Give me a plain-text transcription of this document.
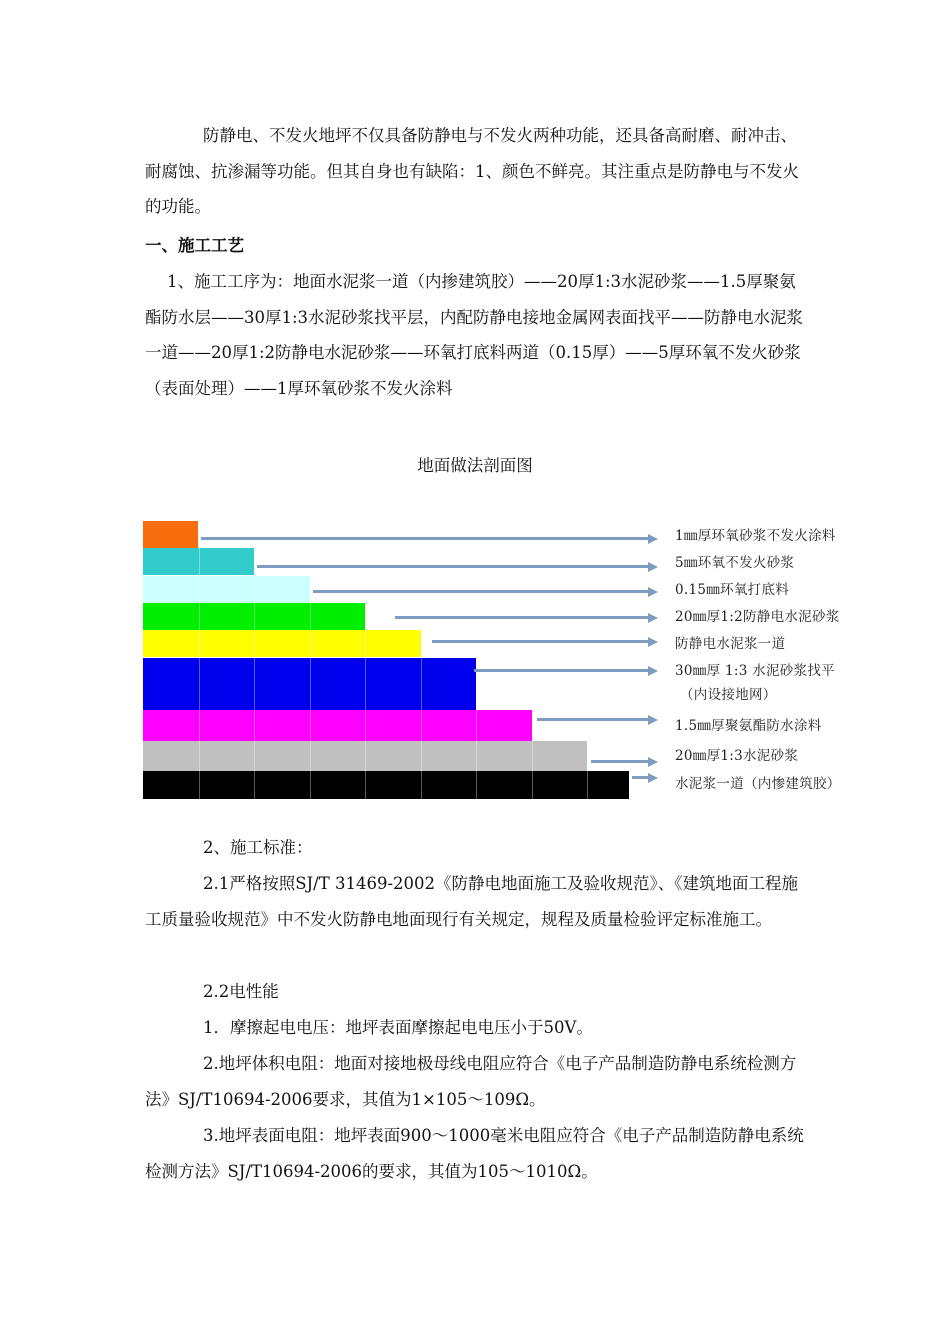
防静电、不发火地坪不仅具备防静电与不发火两种功能，还具备高耐磨、耐冲击、耐腐蚀、抗渗漏等功能。但其自身也有缺陷：1、颜色不鲜亮。其注重点是防静电与不发火的功能。

一、施工工艺

1、施工工序为：地面水泥浆一道（内掺建筑胶）——20厚1:3水泥砂浆——1.5厚聚氨酯防水层——30厚1:3水泥砂浆找平层，内配防静电接地金属网表面找平——防静电水泥浆一道——20厚1:2防静电水泥砂浆——环氧打底料两道（0.15厚）——5厚环氧不发火砂浆（表面处理）——1厚环氧砂浆不发火涂料

地面做法剖面图
1㎜厚环氧砂浆不发火涂料
5㎜环氧不发火砂浆
0.15㎜环氧打底料
20㎜厚1:2防静电水泥砂浆
防静电水泥浆一道
30㎜厚 1:3 水泥砂浆找平
（内设接地网）
1.5㎜厚聚氨酯防水涂料
20㎜厚1:3水泥砂浆
水泥浆一道（内惨建筑胶）

2、施工标准：

2.1严格按照SJ/T 31469-2002《防静电地面施工及验收规范》、《建筑地面工程施工质量验收规范》中不发火防静电地面现行有关规定，规程及质量检验评定标准施工。

2.2电性能

1．摩擦起电电压：地坪表面摩擦起电电压小于50V。

2.地坪体积电阻：地面对接地极母线电阻应符合《电子产品制造防静电系统检测方法》SJ/T10694-2006要求，其值为1×105～109Ω。

3.地坪表面电阻：地坪表面900～1000毫米电阻应符合《电子产品制造防静电系统检测方法》SJ/T10694-2006的要求，其值为105～1010Ω。
